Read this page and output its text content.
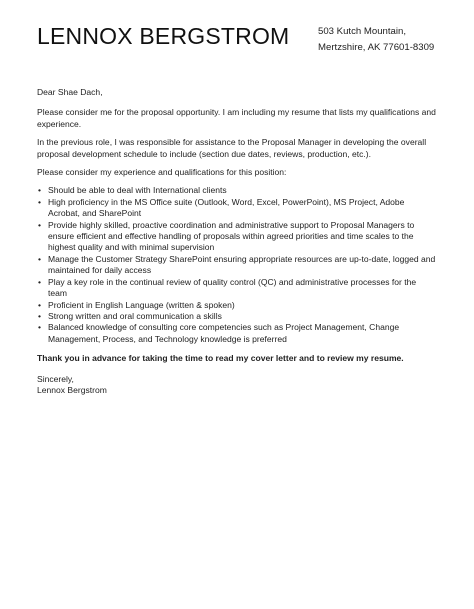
LENNOX BERGSTROM	503 Kutch Mountain,
Mertzshire, AK 77601-8309

Dear Shae Dach,

Please consider me for the proposal opportunity. I am including my resume that lists my qualifications and experience.

In the previous role, I was responsible for assistance to the Proposal Manager in developing the overall proposal development schedule to include (section due dates, reviews, production, etc.).

Please consider my experience and qualifications for this position:

• Should be able to deal with International clients
• High proficiency in the MS Office suite (Outlook, Word, Excel, PowerPoint), MS Project, Adobe Acrobat, and SharePoint
• Provide highly skilled, proactive coordination and administrative support to Proposal Managers to ensure efficient and effective handling of proposals within agreed priorities and time scales to the highest quality and with minimal supervision
• Manage the Customer Strategy SharePoint ensuring appropriate resources are up-to-date, logged and maintained for daily access
• Play a key role in the continual review of quality control (QC) and administrative processes for the team
• Proficient in English Language (written & spoken)
• Strong written and oral communication a skills
• Balanced knowledge of consulting core competencies such as Project Management, Change Management, Process, and Technology knowledge is preferred

Thank you in advance for taking the time to read my cover letter and to review my resume.

Sincerely,

Lennox Bergstrom
